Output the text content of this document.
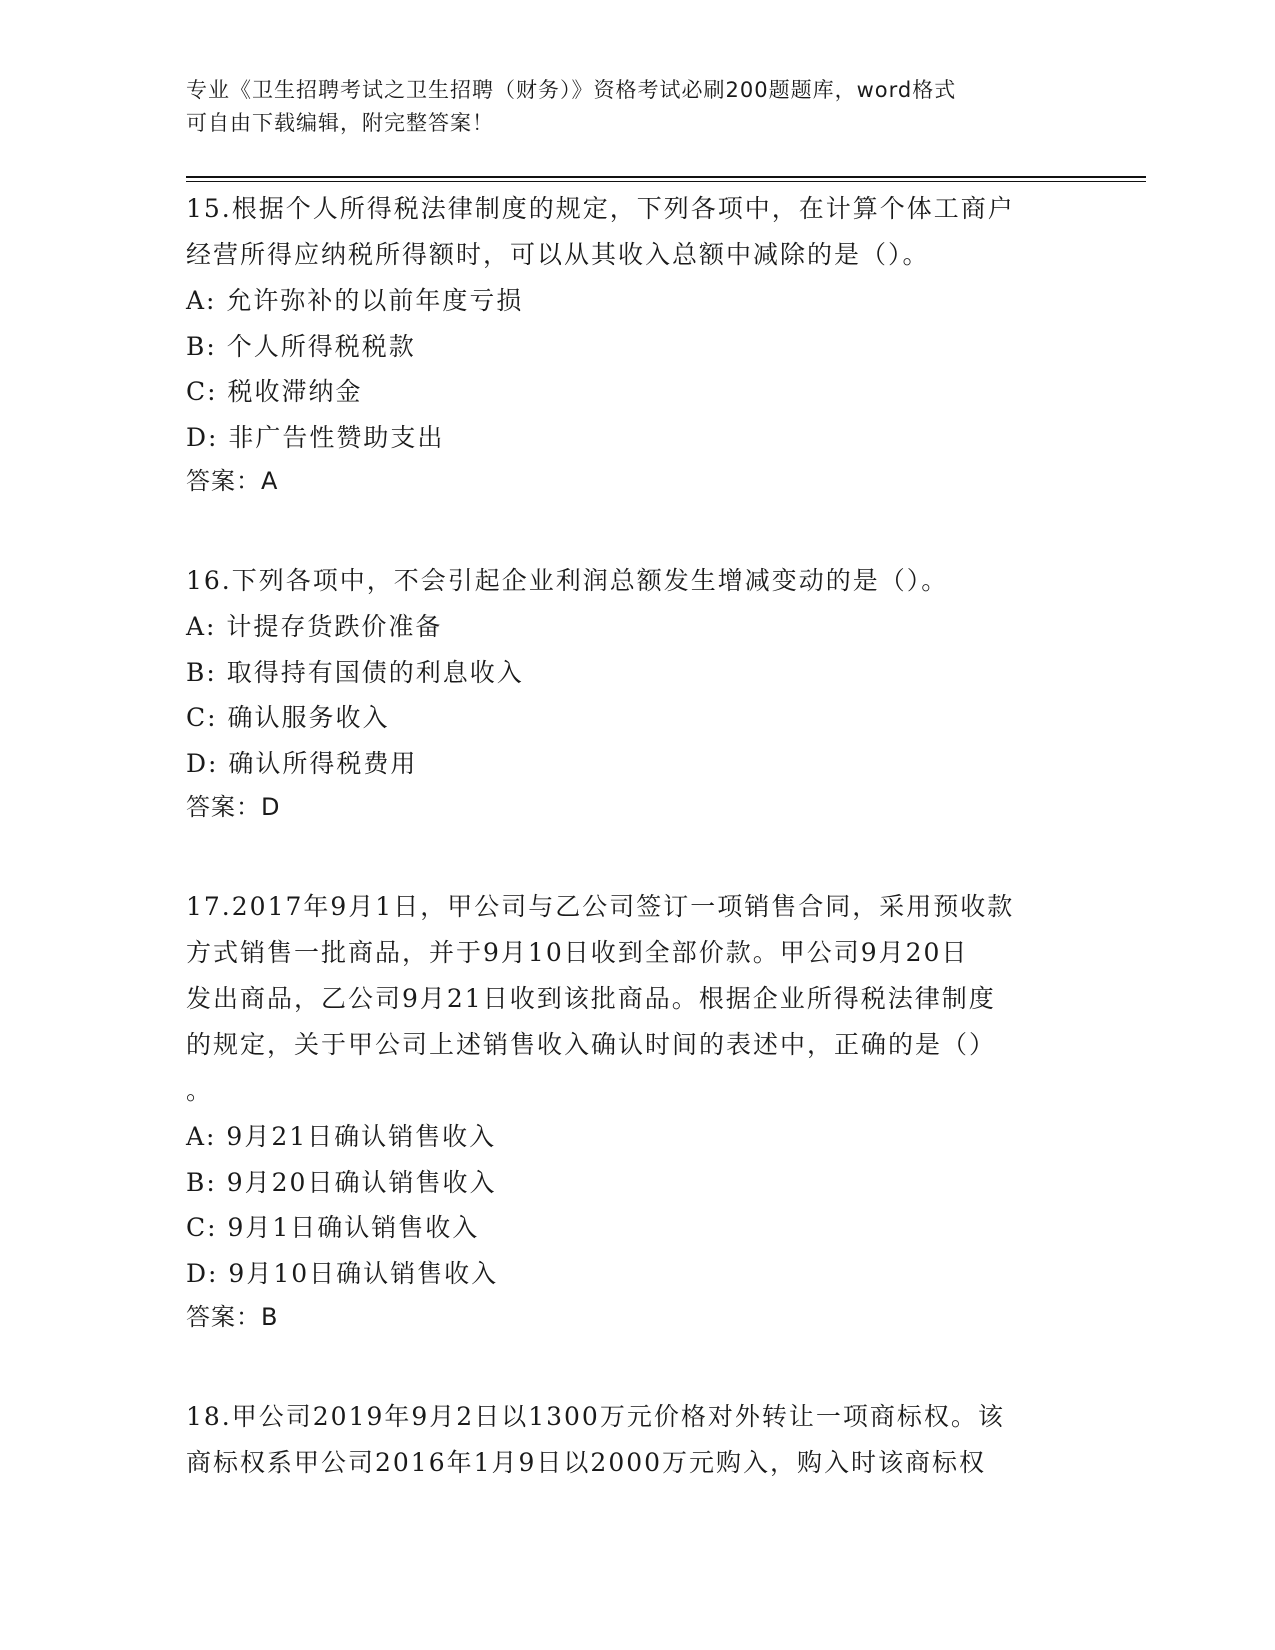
专业《卫生招聘考试之卫生招聘（财务）》资格考试必刷200题题库，word格式
可自由下载编辑，附完整答案！
15.根据个人所得税法律制度的规定，下列各项中，在计算个体工商户
经营所得应纳税所得额时，可以从其收入总额中减除的是（）。
A: 允许弥补的以前年度亏损
B: 个人所得税税款
C: 税收滞纳金
D: 非广告性赞助支出
答案：A
16.下列各项中，不会引起企业利润总额发生增减变动的是（）。
A: 计提存货跌价准备
B: 取得持有国债的利息收入
C: 确认服务收入
D: 确认所得税费用
答案：D
17.2017年9月1日，甲公司与乙公司签订一项销售合同，采用预收款
方式销售一批商品，并于9月10日收到全部价款。甲公司9月20日
发出商品，乙公司9月21日收到该批商品。根据企业所得税法律制度
的规定，关于甲公司上述销售收入确认时间的表述中，正确的是（）
。
A: 9月21日确认销售收入
B: 9月20日确认销售收入
C: 9月1日确认销售收入
D: 9月10日确认销售收入
答案：B
18.甲公司2019年9月2日以1300万元价格对外转让一项商标权。该
商标权系甲公司2016年1月9日以2000万元购入，购入时该商标权
